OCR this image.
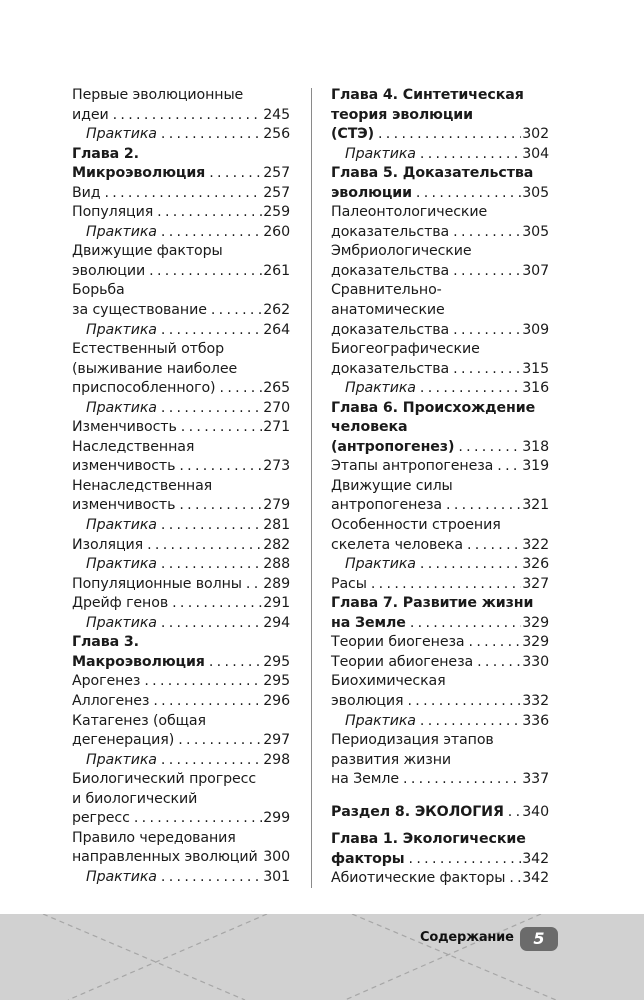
Первые эволюционные
идеи . . .	245
Практика . . .	256
Глава 2.
Микроэволюция . . .	257
Вид . . .	257
Популяция . . .	259
Практика . . .	260
Движущие факторы
эволюции . . .	261
Борьба
за существование . . .	262
Практика . . .	264
Естественный отбор
(выживание наиболее
приспособленного) . . .	265
Практика . . .	270
Изменчивость . . .	271
Наследственная
изменчивость . . .	273
Ненаследственная
изменчивость . . .	279
Практика . . .	281
Изоляция . . .	282
Практика . . .	288
Популяционные волны . . . 289
Дрейф генов . . .	291
Практика . . .	294
Глава 3.
Макроэволюция . . .	295
Арогенез . . .	295
Аллогенез . . .	296
Катагенез (общая
дегенерация) . . .	297
Практика . . .	298
Биологический прогресс
и биологический
регресс . . .	299
Правило чередования
направленных эволюций . . . 300
Практика . . .	301
Глава 4. Синтетическая
теория эволюции
(СТЭ) . . .	302
Практика . . .	304
Глава 5. Доказательства
эволюции . . .	305
Палеонтологические
доказательства . . .	305
Эмбриологические
доказательства . . .	307
Сравнительно-
анатомические
доказательства . . .	309
Биогеографические
доказательства . . .	315
Практика . . .	316
Глава 6. Происхождение
человека
(антропогенез) . . .	318
Этапы антропогенеза . . . 319
Движущие силы
антропогенеза . . .	321
Особенности строения
скелета человека . . .	322
Практика . . .	326
Расы . . .	327
Глава 7. Развитие жизни
на Земле . . .	329
Теории биогенеза . . .	329
Теории абиогенеза . . .	330
Биохимическая
эволюция . . .	332
Практика . . .	336
Периодизация этапов
развития жизни
на Земле . . .	337
Раздел 8. ЭКОЛОГИЯ . . . 340
Глава 1. Экологические
факторы . . .	342
Абиотические факторы . . . 342
Содержание	5
